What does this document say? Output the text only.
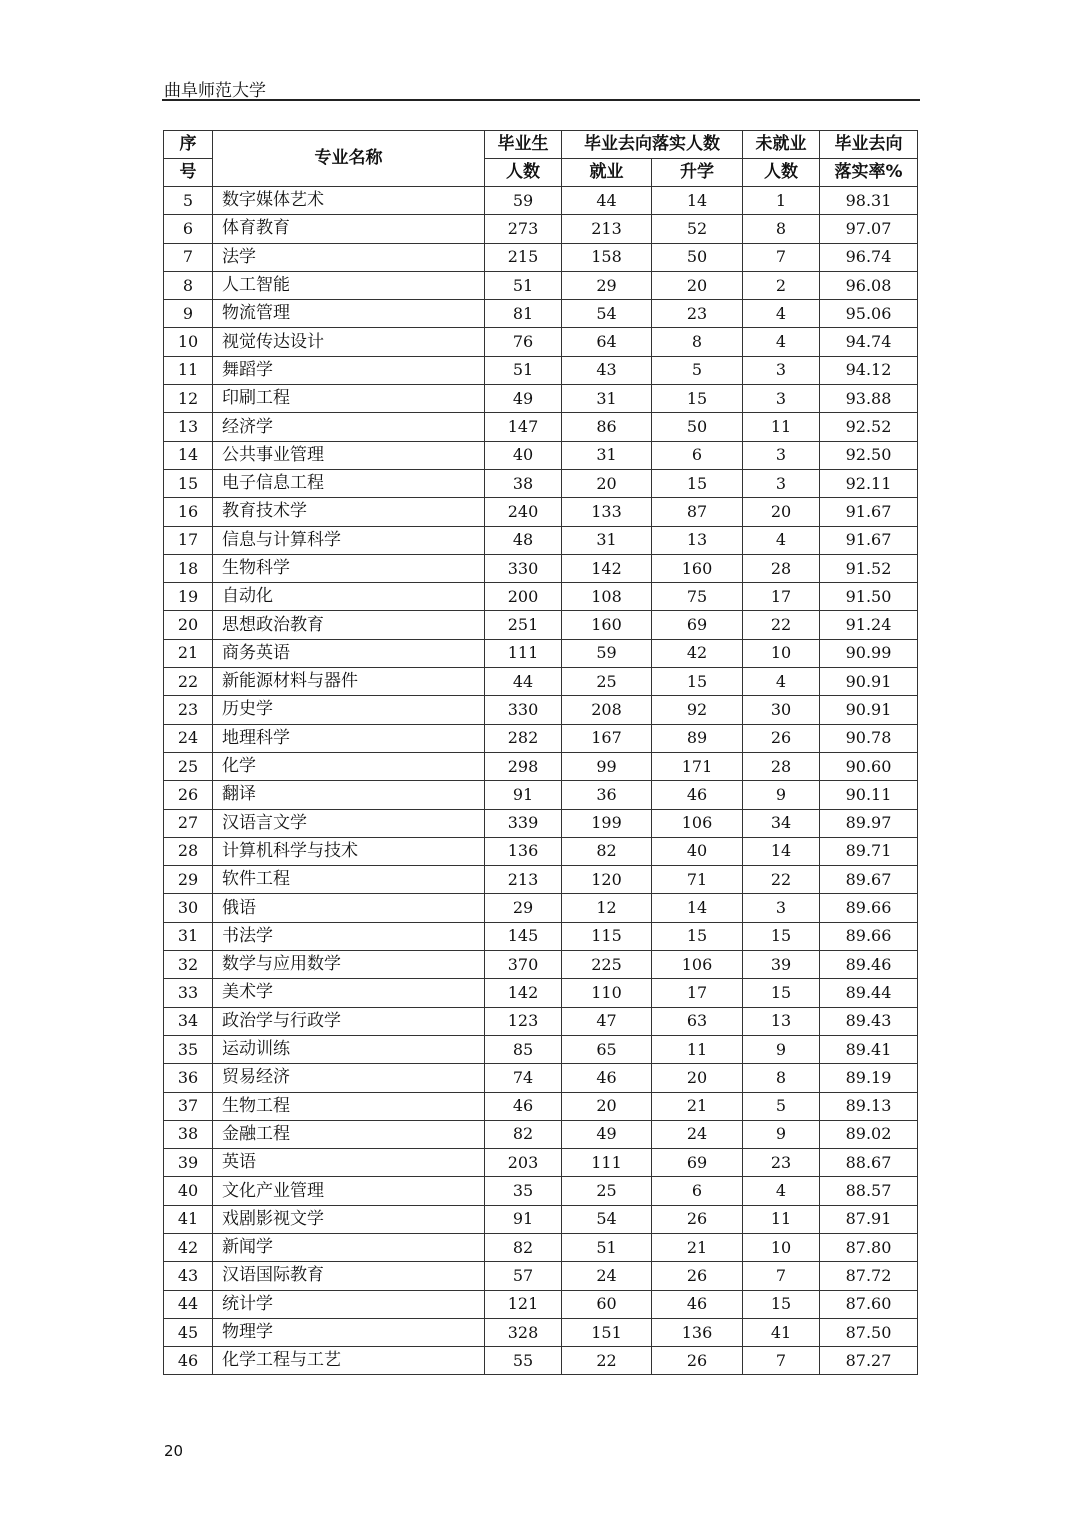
曲阜师范大学
序	专业名称	毕业生	毕业去向落实人数		未就业	毕业去向
号		人数	就业	升学	人数	落实率%
5	数字媒体艺术	59	44	14	1	98.31
6	体育教育	273	213	52	8	97.07
7	法学	215	158	50	7	96.74
8	人工智能	51	29	20	2	96.08
9	物流管理	81	54	23	4	95.06
10	视觉传达设计	76	64	8	4	94.74
11	舞蹈学	51	43	5	3	94.12
12	印刷工程	49	31	15	3	93.88
13	经济学	147	86	50	11	92.52
14	公共事业管理	40	31	6	3	92.50
15	电子信息工程	38	20	15	3	92.11
16	教育技术学	240	133	87	20	91.67
17	信息与计算科学	48	31	13	4	91.67
18	生物科学	330	142	160	28	91.52
19	自动化	200	108	75	17	91.50
20	思想政治教育	251	160	69	22	91.24
21	商务英语	111	59	42	10	90.99
22	新能源材料与器件	44	25	15	4	90.91
23	历史学	330	208	92	30	90.91
24	地理科学	282	167	89	26	90.78
25	化学	298	99	171	28	90.60
26	翻译	91	36	46	9	90.11
27	汉语言文学	339	199	106	34	89.97
28	计算机科学与技术	136	82	40	14	89.71
29	软件工程	213	120	71	22	89.67
30	俄语	29	12	14	3	89.66
31	书法学	145	115	15	15	89.66
32	数学与应用数学	370	225	106	39	89.46
33	美术学	142	110	17	15	89.44
34	政治学与行政学	123	47	63	13	89.43
35	运动训练	85	65	11	9	89.41
36	贸易经济	74	46	20	8	89.19
37	生物工程	46	20	21	5	89.13
38	金融工程	82	49	24	9	89.02
39	英语	203	111	69	23	88.67
40	文化产业管理	35	25	6	4	88.57
41	戏剧影视文学	91	54	26	11	87.91
42	新闻学	82	51	21	10	87.80
43	汉语国际教育	57	24	26	7	87.72
44	统计学	121	60	46	15	87.60
45	物理学	328	151	136	41	87.50
46	化学工程与工艺	55	22	26	7	87.27
20
